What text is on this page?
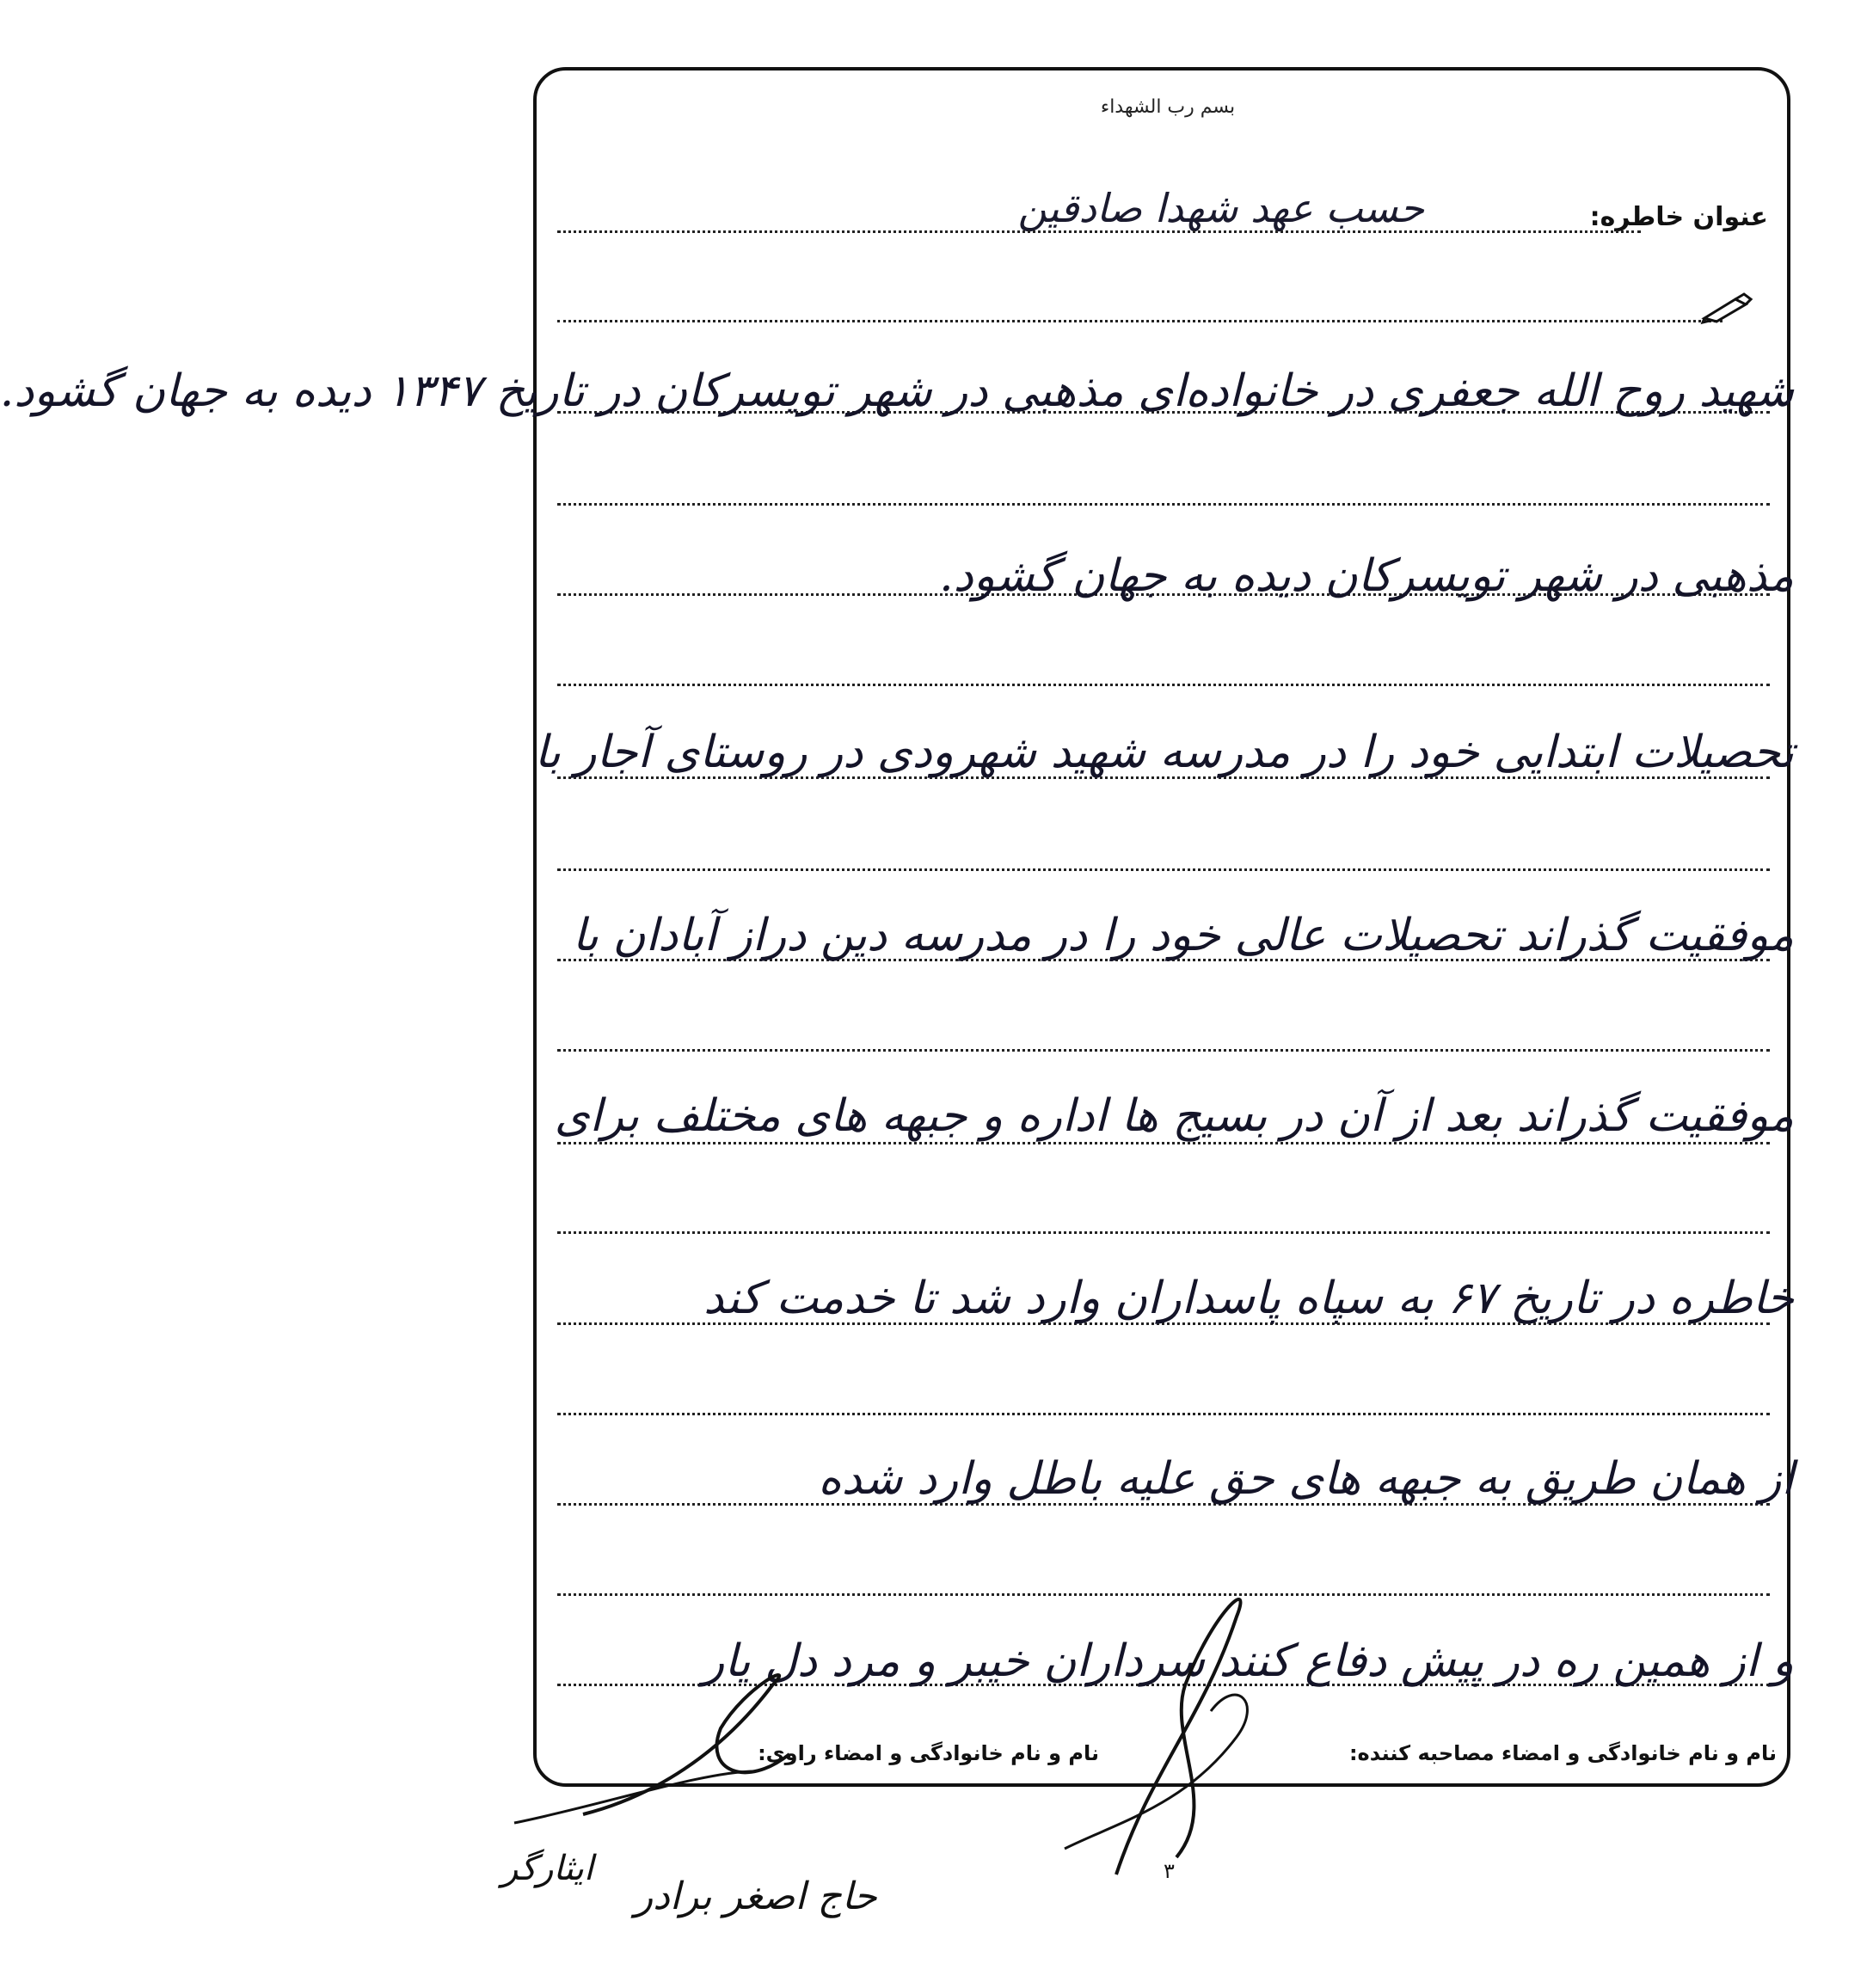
بسم رب الشهداء
عنوان خاطره:
حسب عهد شهدا صادقین
شهید روح الله جعفری در خانواده‌ای مذهبی در شهر تویسرکان در تاریخ ۱۳۴۷ دیده به جهان گشود.
مذهبی در شهر تویسرکان دیده به جهان گشود.
تحصیلات ابتدایی خود را در مدرسه شهید شهرودی در روستای آجار با
موفقیت گذراند تحصیلات عالی خود را در مدرسه دین دراز آبادان با
موفقیت گذراند بعد از آن در بسیج ها اداره و جبهه های مختلف برای
خاطره در تاریخ ۶۷ به سپاه پاسداران وارد شد تا خدمت کند
از همان طریق به جبهه های حق علیه باطل وارد شده
و از همین ره در پیش دفاع کنند سرداران خیبر و مرد دل یار
نام و نام خانوادگی و امضاء مصاحبه کننده:
نام و نام خانوادگی و امضاء راوی:
حاج اصغر برادر
ایثارگر	۳
